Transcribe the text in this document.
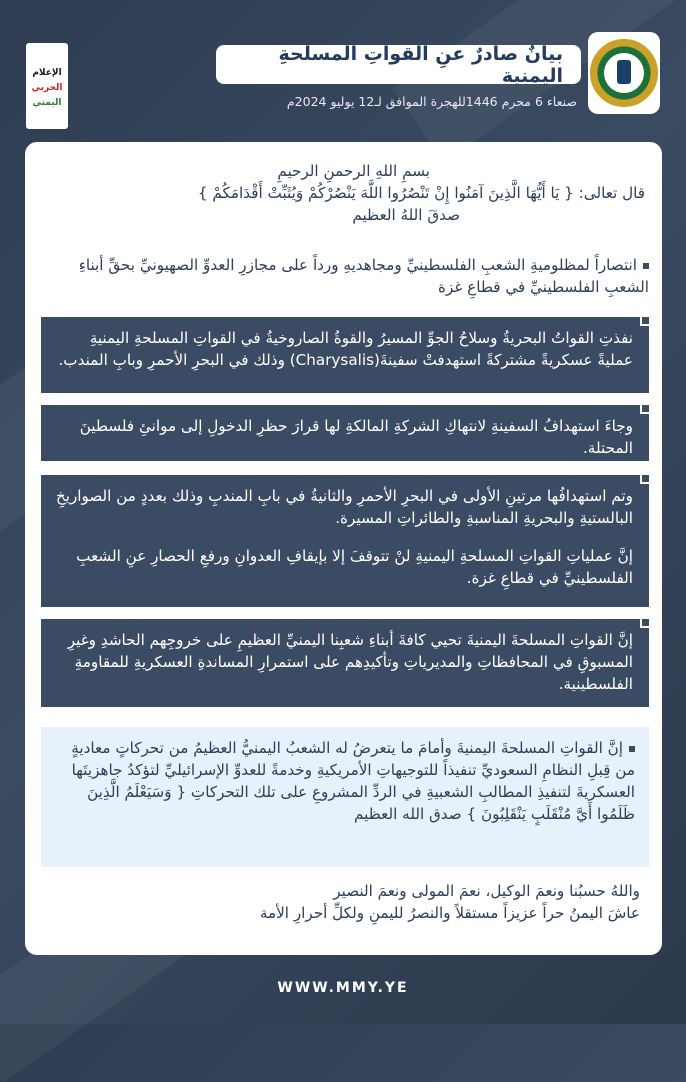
الإعلام
الحربي
اليمني
بيانٌ صادرٌ عنِ القواتِ المسلحةِ اليمنية
صنعاء 6 محرم 1446للهجرة الموافق لـ12 يوليو 2024م
بسمِ اللهِ الرحمنِ الرحيمِ
قال تعالى: { يَا أَيُّهَا الَّذِينَ آمَنُوا إِنْ تَنْصُرُوا اللَّهَ يَنْصُرْكُمْ وَيُثَبِّتْ أَقْدَامَكُمْ }
صدقَ اللهُ العظيم
انتصاراً لمظلوميةِ الشعبِ الفلسطينيِّ ومجاهديهِ ورداً على مجازرِ العدوِّ الصهيونيِّ بحقِّ أبناءِ الشعبِ الفلسطينيِّ في قطاعِ غزة
نفذتِ القواتُ البحريةُ وسلاحُ الجوِّ المسيرُ والقوةُ الصاروخيةُ في القواتِ المسلحةِ اليمنيةِ عمليةً عسكريةً مشتركةً استهدفتْ سفينةَ(Charysalis) وذلك في البحرِ الأحمرِ وبابِ المندب.
وجاءَ استهدافُ السفينةِ لانتهاكِ الشركةِ المالكةِ لها قرارَ حظرِ الدخولِ إلى موانئِ فلسطينَ المحتلة.
وتم استهدافُها مرتينِ الأولى في البحرِ الأحمرِ والثانيةُ في بابِ المندبِ وذلك بعددٍ من الصواريخِ البالستيةِ والبحريةِ المناسبةِ والطائراتِ المسيرة.
إنَّ عملياتِ القواتِ المسلحةِ اليمنيةِ لنْ تتوقفَ إلا بإيقافِ العدوانِ ورفعِ الحصارِ عنِ الشعبِ الفلسطينيِّ في قطاعِ غزة.
إنَّ القواتِ المسلحةَ اليمنيةَ تحيي كافةَ أبناءِ شعبِنا اليمنيِّ العظيمِ على خروجِهم الحاشدِ وغيرِ المسبوقِ في المحافظاتِ والمديرياتِ وتأكيدِهم على استمرارِ المساندةِ العسكريةِ للمقاومةِ الفلسطينية.
إنَّ القواتِ المسلحةَ اليمنيةَ وأمامَ ما يتعرضُ له الشعبُ اليمنيُّ العظيمُ من تحركاتٍ معاديةٍ من قِبلِ النظامِ السعوديِّ تنفيذاً للتوجيهاتِ الأمريكيةِ وخدمةً للعدوِّ الإسرائيليِّ لتؤكدُ جاهزيتَها العسكريةَ لتنفيذِ المطالبِ الشعبيةِ في الردِّ المشروعِ على تلك التحركاتِ { وَسَيَعْلَمُ الَّذِينَ ظَلَمُوا أَيَّ مُنْقَلَبٍ يَنْقَلِبُونَ } صدق الله العظيم
واللهُ حسبُنا ونعمَ الوكيل، نعمَ المولى ونعمَ النصير
عاشَ اليمنُ حراً عزيزاً مستقلاً والنصرُ لليمنِ ولكلِّ أحرارِ الأمة
WWW.MMY.YE
